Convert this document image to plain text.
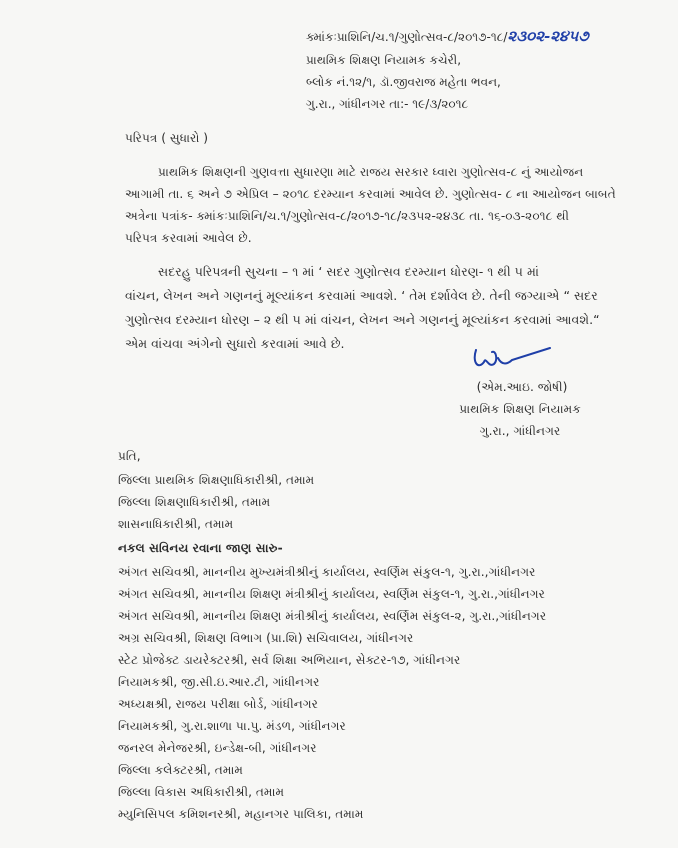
ક્માંકઃપ્રાશિનિ/ચ.૧/ગુણોત્સવ-૮/૨૦૧૭-૧૮/૨૩૦૨-૨૪૫૭
પ્રાથમિક શિક્ષણ નિયામક કચેરી,
બ્લોક નં.૧૨/૧, ડૉ.જીવરાજ મહેતા ભવન,
ગુ.રા., ગાંધીનગર તા:- ૧૯/૩/૨૦૧૮
પરિપત્ર ( સુધારો )
પ્રાથમિક શિક્ષણની ગુણવત્તા સુધારણા માટે રાજય સરકાર ધ્વારા ગુણોત્સવ-૮ નું આયોજન
આગામી તા. ૬ અને ૭ એપ્રિલ – ૨૦૧૮ દરમ્યાન કરવામાં આવેલ છે. ગુણોત્સવ- ૮ ના આયોજન બાબતે
અત્રેના પત્રાંક- ક્માંકઃપ્રાશિનિ/ચ.૧/ગુણોત્સવ-૮/૨૦૧૭-૧૮/૨૩૫૨-૨૪૩૮ તા. ૧૬-૦૩-૨૦૧૮ થી
પરિપત્ર કરવામાં આવેલ છે.
સદરહુ પરિપત્રની સુચના – ૧ માં ‘ સદર ગુણોત્સવ દરમ્યાન ધોરણ- ૧ થી ૫ માં
વાંચન, લેખન અને ગણનનું મૂલ્યાંકન કરવામાં આવશે. ‘ તેમ દર્શાવેલ છે. તેની જગ્યાએ “ સદર
ગુણોત્સવ દરમ્યાન ધોરણ – ૨ થી ૫ માં વાંચન, લેખન અને ગણનનું મૂલ્યાંકન કરવામાં આવશે.“
એમ વાંચવા અંગેનો સુધારો કરવામાં આવે છે.
(એમ.આઇ. જોષી)
પ્રાથમિક શિક્ષણ નિયામક
ગુ.રા., ગાંધીનગર
પ્રતિ,
જિલ્લા પ્રાથમિક શિક્ષણાધિકારીશ્રી, તમામ
જિલ્લા શિક્ષણાધિકારીશ્રી, તમામ
શાસનાધિકારીશ્રી, તમામ
નકલ સવિનય રવાના જાણ સારુ-
અંગત સચિવશ્રી, માનનીય મુખ્યમંત્રીશ્રીનું કાર્યાલય, સ્વર્ણિમ સંકુલ-૧, ગુ.રા.,ગાંધીનગર
અંગત સચિવશ્રી, માનનીય શિક્ષણ મંત્રીશ્રીનું કાર્યાલય, સ્વર્ણિમ સંકુલ-૧, ગુ.રા.,ગાંધીનગર
અંગત સચિવશ્રી, માનનીય શિક્ષણ મંત્રીશ્રીનું કાર્યાલય, સ્વર્ણિમ સંકુલ-૨, ગુ.રા.,ગાંધીનગર
અગ્ર સચિવશ્રી, શિક્ષણ વિભાગ (પ્રા.શિ) સચિવાલય, ગાંધીનગર
સ્ટેટ પ્રોજેક્ટ ડાયરેક્ટરશ્રી, સર્વ શિક્ષા અભિયાન, સેક્ટર-૧૭, ગાંધીનગર
નિયામકશ્રી, જી.સી.ઇ.આર.ટી, ગાંધીનગર
અધ્યક્ષશ્રી, રાજય પરીક્ષા બોર્ડ, ગાંધીનગર
નિયામકશ્રી, ગુ.રા.શાળા પા.પુ. મંડળ, ગાંધીનગર
જનરલ મેનેજરશ્રી, ઇન્ડેક્ષ-બી, ગાંધીનગર
જિલ્લા કલેક્ટરશ્રી, તમામ
જિલ્લા વિકાસ અધિકારીશ્રી, તમામ
મ્યુનિસિપલ કમિશનરશ્રી, મહાનગર પાલિકા, તમામ
